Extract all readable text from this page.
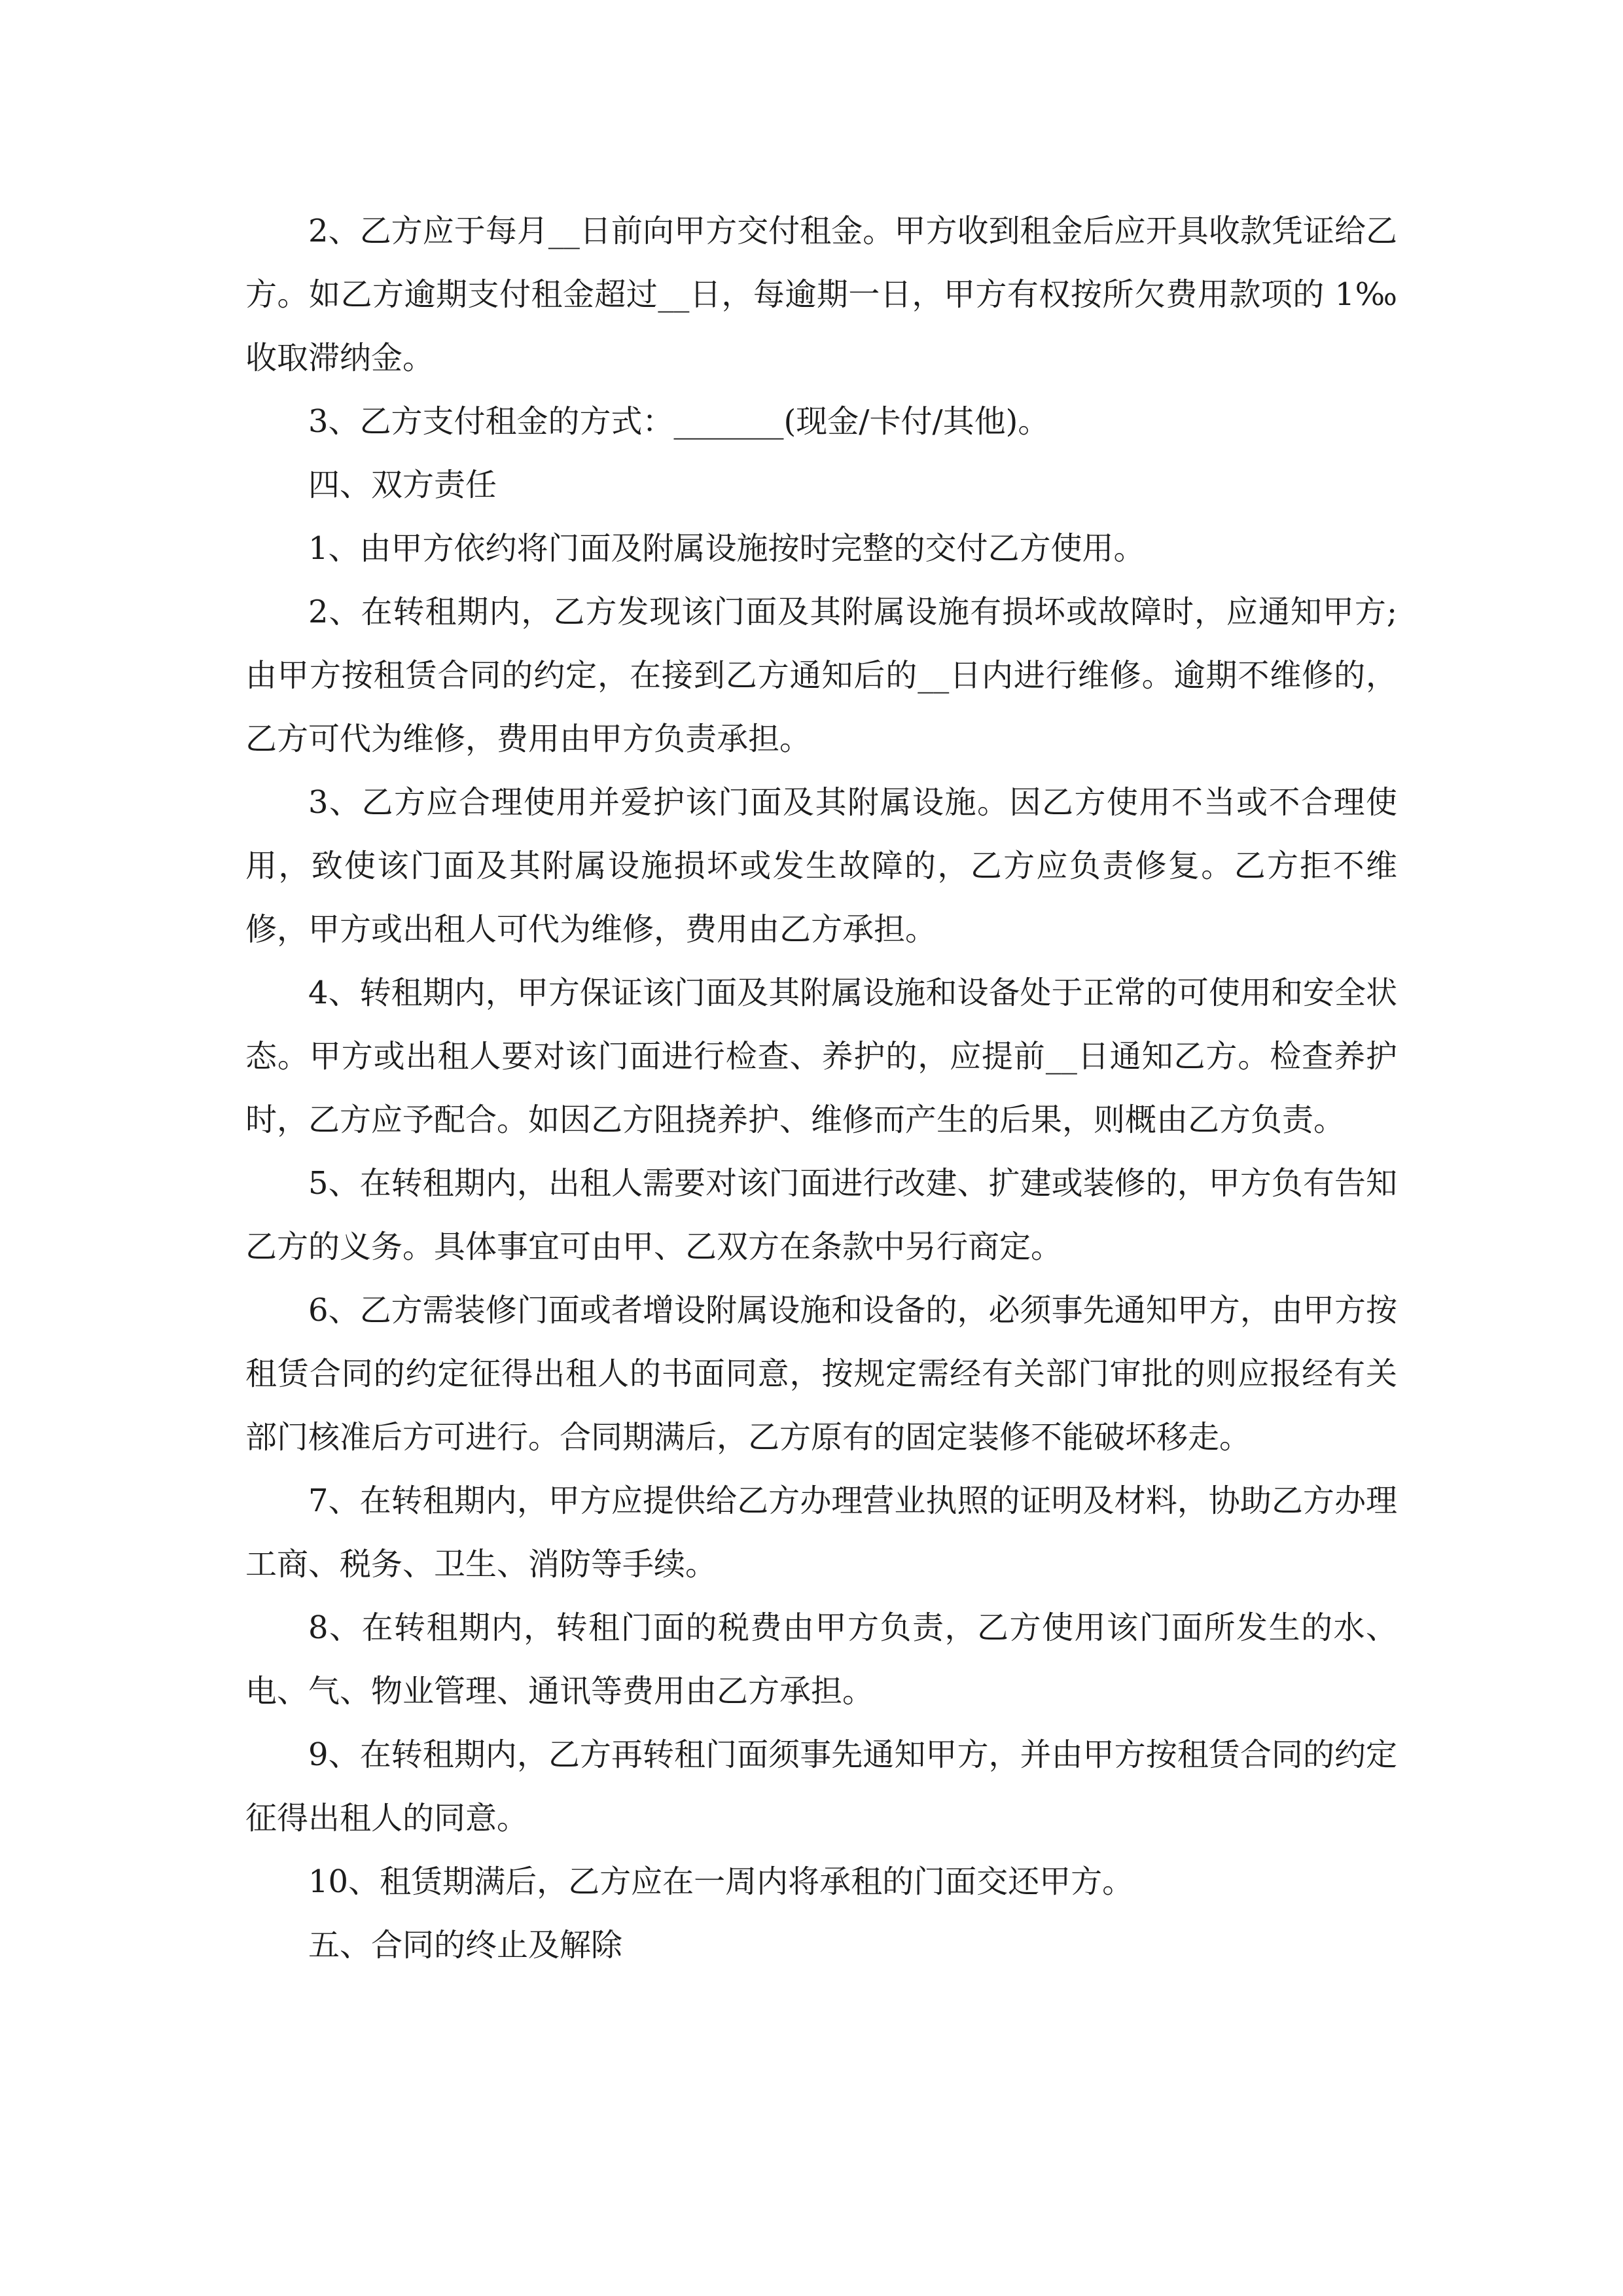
2、乙方应于每月__日前向甲方交付租金。甲方收到租金后应开具收款凭证给乙方。如乙方逾期支付租金超过__日，每逾期一日，甲方有权按所欠费用款项的 1‰收取滞纳金。

3、乙方支付租金的方式：_______(现金/卡付/其他)。

四、双方责任

1、由甲方依约将门面及附属设施按时完整的交付乙方使用。

2、在转租期内，乙方发现该门面及其附属设施有损坏或故障时，应通知甲方;由甲方按租赁合同的约定，在接到乙方通知后的__日内进行维修。逾期不维修的，乙方可代为维修，费用由甲方负责承担。

3、乙方应合理使用并爱护该门面及其附属设施。因乙方使用不当或不合理使用，致使该门面及其附属设施损坏或发生故障的，乙方应负责修复。乙方拒不维修，甲方或出租人可代为维修，费用由乙方承担。

4、转租期内，甲方保证该门面及其附属设施和设备处于正常的可使用和安全状态。甲方或出租人要对该门面进行检查、养护的，应提前__日通知乙方。检查养护时，乙方应予配合。如因乙方阻挠养护、维修而产生的后果，则概由乙方负责。

5、在转租期内，出租人需要对该门面进行改建、扩建或装修的，甲方负有告知乙方的义务。具体事宜可由甲、乙双方在条款中另行商定。

6、乙方需装修门面或者增设附属设施和设备的，必须事先通知甲方，由甲方按租赁合同的约定征得出租人的书面同意，按规定需经有关部门审批的则应报经有关部门核准后方可进行。合同期满后，乙方原有的固定装修不能破坏移走。

7、在转租期内，甲方应提供给乙方办理营业执照的证明及材料，协助乙方办理工商、税务、卫生、消防等手续。

8、在转租期内，转租门面的税费由甲方负责，乙方使用该门面所发生的水、电、气、物业管理、通讯等费用由乙方承担。

9、在转租期内，乙方再转租门面须事先通知甲方，并由甲方按租赁合同的约定征得出租人的同意。

10、租赁期满后，乙方应在一周内将承租的门面交还甲方。

五、合同的终止及解除
